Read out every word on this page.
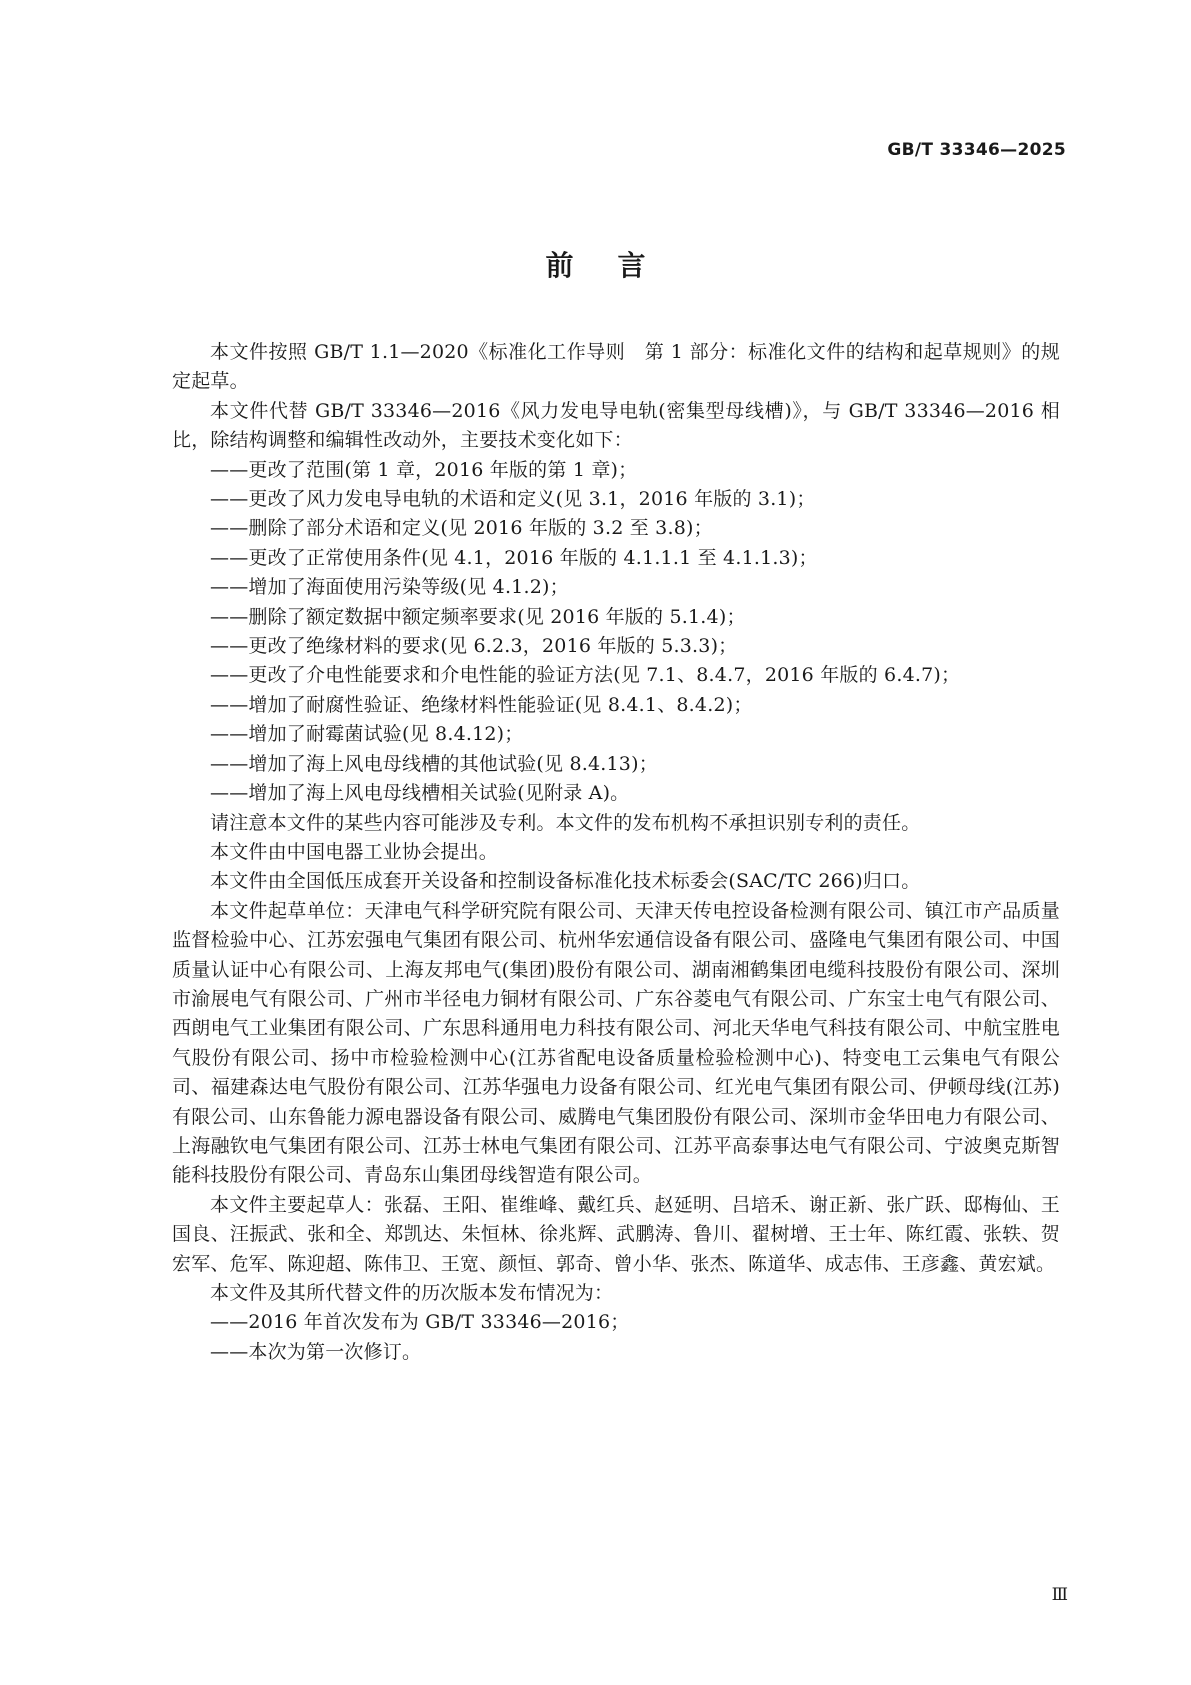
GB/T 33346—2025
前言

本文件按照 GB/T 1.1—2020《标准化工作导则　第 1 部分：标准化文件的结构和起草规则》的规定起草。

本文件代替 GB/T 33346—2016《风力发电导电轨(密集型母线槽)》，与 GB/T 33346—2016 相比，除结构调整和编辑性改动外，主要技术变化如下：

——更改了范围(第 1 章，2016 年版的第 1 章)；

——更改了风力发电导电轨的术语和定义(见 3.1，2016 年版的 3.1)；

——删除了部分术语和定义(见 2016 年版的 3.2 至 3.8)；

——更改了正常使用条件(见 4.1，2016 年版的 4.1.1.1 至 4.1.1.3)；

——增加了海面使用污染等级(见 4.1.2)；

——删除了额定数据中额定频率要求(见 2016 年版的 5.1.4)；

——更改了绝缘材料的要求(见 6.2.3，2016 年版的 5.3.3)；

——更改了介电性能要求和介电性能的验证方法(见 7.1、8.4.7，2016 年版的 6.4.7)；

——增加了耐腐性验证、绝缘材料性能验证(见 8.4.1、8.4.2)；

——增加了耐霉菌试验(见 8.4.12)；

——增加了海上风电母线槽的其他试验(见 8.4.13)；

——增加了海上风电母线槽相关试验(见附录 A)。

请注意本文件的某些内容可能涉及专利。本文件的发布机构不承担识别专利的责任。

本文件由中国电器工业协会提出。

本文件由全国低压成套开关设备和控制设备标准化技术标委会(SAC/TC 266)归口。

本文件起草单位：天津电气科学研究院有限公司、天津天传电控设备检测有限公司、镇江市产品质量监督检验中心、江苏宏强电气集团有限公司、杭州华宏通信设备有限公司、盛隆电气集团有限公司、中国质量认证中心有限公司、上海友邦电气(集团)股份有限公司、湖南湘鹤集团电缆科技股份有限公司、深圳市渝展电气有限公司、广州市半径电力铜材有限公司、广东谷菱电气有限公司、广东宝士电气有限公司、西朗电气工业集团有限公司、广东思科通用电力科技有限公司、河北天华电气科技有限公司、中航宝胜电气股份有限公司、扬中市检验检测中心(江苏省配电设备质量检验检测中心)、特变电工云集电气有限公司、福建森达电气股份有限公司、江苏华强电力设备有限公司、红光电气集团有限公司、伊顿母线(江苏)有限公司、山东鲁能力源电器设备有限公司、威腾电气集团股份有限公司、深圳市金华田电力有限公司、上海融钦电气集团有限公司、江苏士林电气集团有限公司、江苏平高泰事达电气有限公司、宁波奥克斯智能科技股份有限公司、青岛东山集团母线智造有限公司。

本文件主要起草人：张磊、王阳、崔维峰、戴红兵、赵延明、吕培禾、谢正新、张广跃、邸梅仙、王国良、汪振武、张和全、郑凯达、朱恒林、徐兆辉、武鹏涛、鲁川、翟树增、王士年、陈红霞、张轶、贺宏军、危军、陈迎超、陈伟卫、王宽、颜恒、郭奇、曾小华、张杰、陈道华、成志伟、王彦鑫、黄宏斌。

本文件及其所代替文件的历次版本发布情况为：

——2016 年首次发布为 GB/T 33346—2016；

——本次为第一次修订。

Ⅲ
